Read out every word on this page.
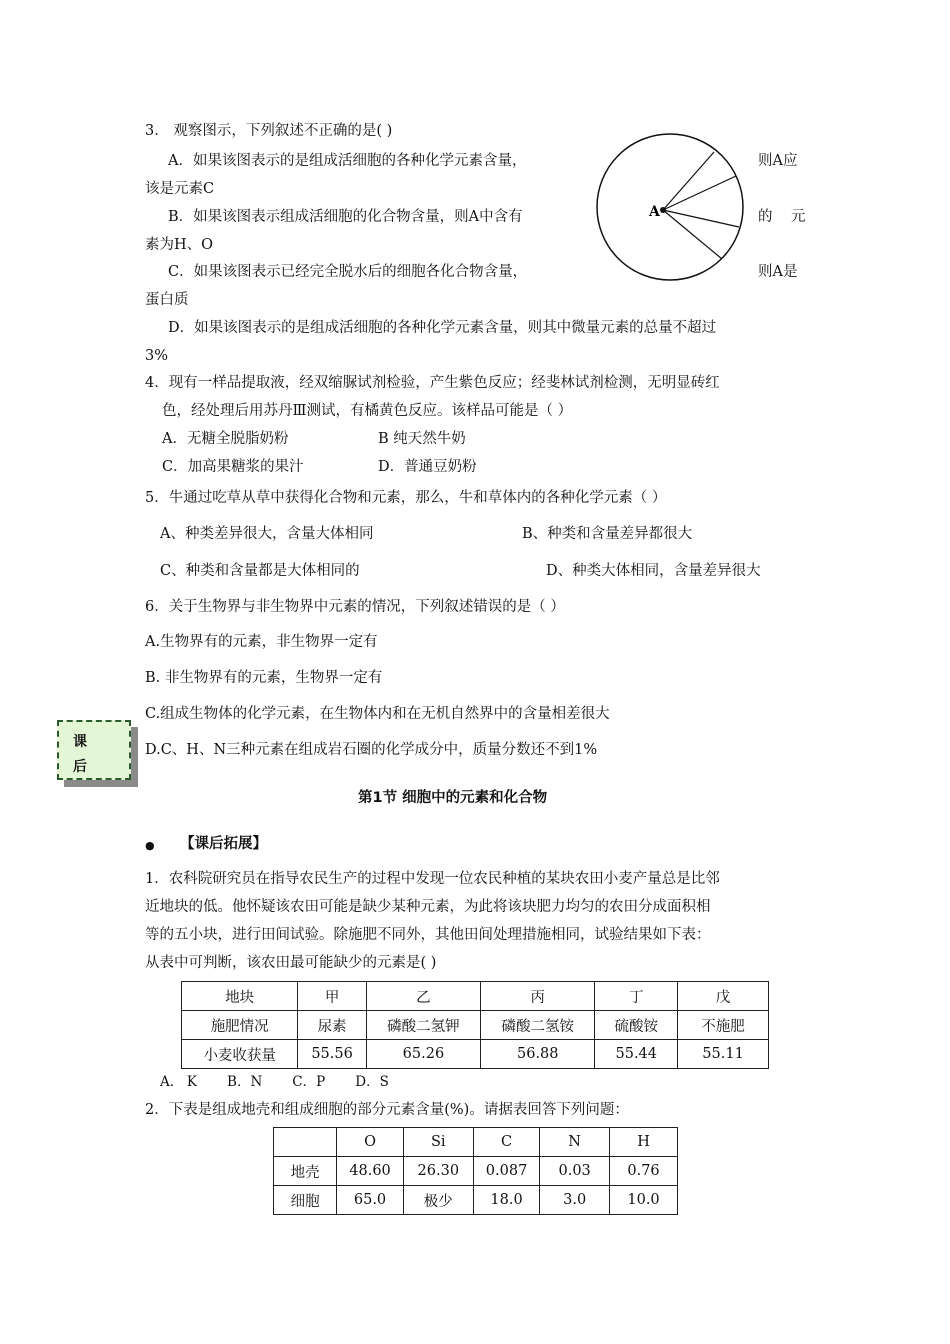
3． 观察图示，下列叙述不正确的是( )
A．如果该图表示的是组成活细胞的各种化学元素含量，	则A应
该是元素C
B．如果该图表示组成活细胞的化合物含量，则A中含有	的 元
素为H、O
C．如果该图表示已经完全脱水后的细胞各化合物含量，	则A是
蛋白质
D．如果该图表示的是组成活细胞的各种化学元素含量，则其中微量元素的总量不超过
3%
A
4．现有一样品提取液，经双缩脲试剂检验，产生紫色反应；经斐林试剂检测，无明显砖红
色，经处理后用苏丹Ⅲ测试，有橘黄色反应。该样品可能是（ ）
A．无糖全脱脂奶粉	B 纯天然牛奶
C．加高果糖浆的果汁	D．普通豆奶粉
5．牛通过吃草从草中获得化合物和元素，那么，牛和草体内的各种化学元素（ ）
A、种类差异很大，含量大体相同	B、种类和含量差异都很大
C、种类和含量都是大体相同的	D、种类大体相同，含量差异很大
6．关于生物界与非生物界中元素的情况，下列叙述错误的是（ ）
A.生物界有的元素，非生物界一定有
B. 非生物界有的元素，生物界一定有
C.组成生物体的化学元素，在生物体内和在无机自然界中的含量相差很大
D.C、H、N三种元素在组成岩石圈的化学成分中，质量分数还不到1%
课
后
第1节 细胞中的元素和化合物
● 【课后拓展】
1．农科院研究员在指导农民生产的过程中发现一位农民种植的某块农田小麦产量总是比邻
近地块的低。他怀疑该农田可能是缺少某种元素，为此将该块肥力均匀的农田分成面积相
等的五小块，进行田间试验。除施肥不同外，其他田间处理措施相同，试验结果如下表：
从表中可判断，该农田最可能缺少的元素是( )
地块	甲	乙	丙	丁	戊
施肥情况	尿素	磷酸二氢钾	磷酸二氢铵	硫酸铵	不施肥
小麦收获量	55.56	65.26	56.88	55.44	55.11
A.   K       B．N       C．P       D．S
2．下表是组成地壳和组成细胞的部分元素含量(%)。请据表回答下列问题：
	O	Si	C	N	H
地壳	48.60	26.30	0.087	0.03	0.76
细胞	65.0	极少	18.0	3.0	10.0
